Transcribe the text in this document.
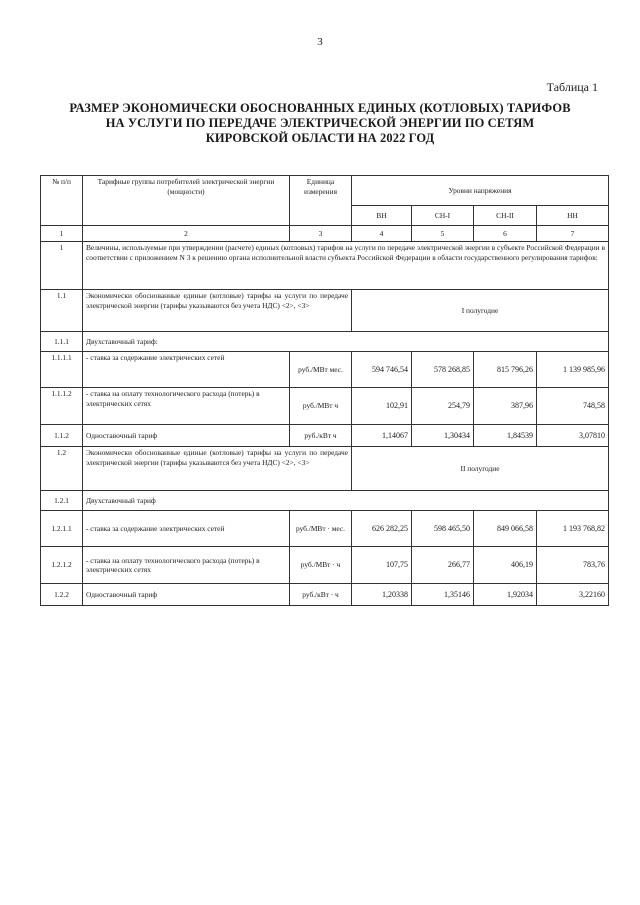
3
Таблица 1
РАЗМЕР ЭКОНОМИЧЕСКИ ОБОСНОВАННЫХ ЕДИНЫХ (КОТЛОВЫХ) ТАРИФОВ
НА УСЛУГИ ПО ПЕРЕДАЧЕ ЭЛЕКТРИЧЕСКОЙ ЭНЕРГИИ ПО СЕТЯМ
КИРОВСКОЙ ОБЛАСТИ НА 2022 ГОД
№ п/п	Тарифные группы потребителей электрической энергии (мощности)	Единица измерения	Уровни напряжения			
			ВН	СН-I	СН-II	НН
1	2	3	4	5	6	7
1	Величины, используемые при утверждении (расчете) единых (котловых) тарифов на услуги по передаче электрической энергии в субъекте Российской Федерации в соответствии с приложением N 3 к решению органа исполнительной власти субъекта Российской Федерации в области государственного регулирования тарифов:					
1.1	Экономически обоснованные единые (котловые) тарифы на услуги по передаче электрической энергии (тарифы указываются без учета НДС) <2>, <3>		I полугодие			
1.1.1	Двухставочный тариф:					
1.1.1.1	- ставка за содержание электрических сетей	руб./МВт мес.	594 746,54	578 268,85	815 796,26	1 139 985,96
1.1.1.2	- ставка на оплату технологического расхода (потерь) в электрических сетях	руб./МВт ч	102,91	254,79	387,96	748,58
1.1.2	Одноставочный тариф	руб./кВт ч	1,14067	1,30434	1,84539	3,07810
1.2	Экономически обоснованные единые (котловые) тарифы на услуги по передаче электрической энергии (тарифы указываются без учета НДС) <2>, <3>		II полугодие			
1.2.1	Двухставочный тариф					
1.2.1.1	- ставка за содержание электрических сетей	руб./МВт · мес.	626 282,25	598 465,50	849 066,58	1 193 768,82
1.2.1.2	- ставка на оплату технологического расхода (потерь) в электрических сетях	руб./МВт · ч	107,75	266,77	406,19	783,76
1.2.2	Одноставочный тариф	руб./кВт · ч	1,20338	1,35146	1,92034	3,22160
